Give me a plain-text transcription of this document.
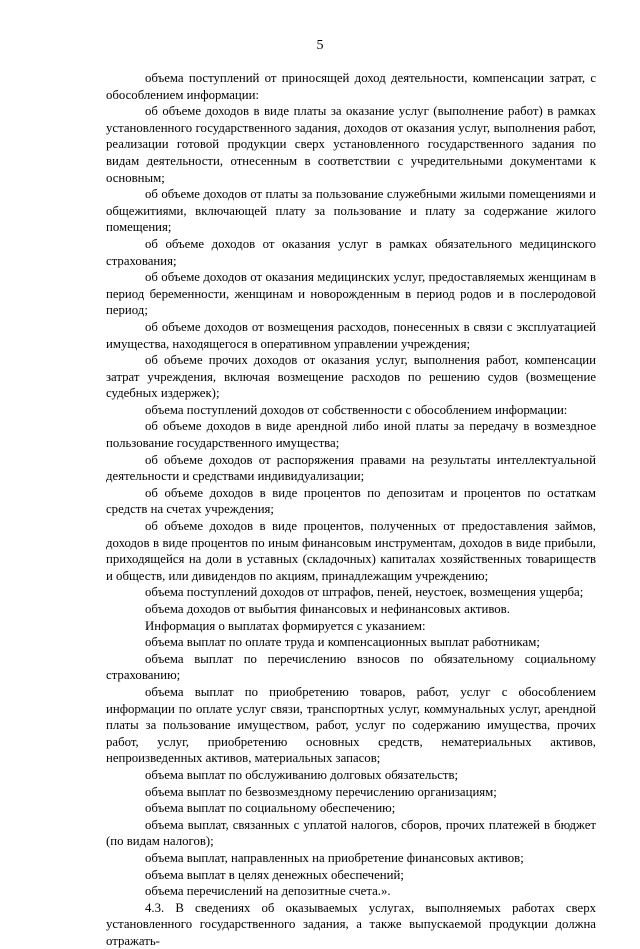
5

объема поступлений от приносящей доход деятельности, компенсации затрат, с обособлением информации:

об объеме доходов в виде платы за оказание услуг (выполнение работ) в рамках установленного государственного задания, доходов от оказания услуг, выполнения работ, реализации готовой продукции сверх установленного государственного задания по видам деятельности, отнесенным в соответствии с учредительными документами к основным;

об объеме доходов от платы за пользование служебными жилыми помещениями и общежитиями, включающей плату за пользование и плату за содержание жилого помещения;

об объеме доходов от оказания услуг в рамках обязательного медицинского страхования;

об объеме доходов от оказания медицинских услуг, предоставляемых женщинам в период беременности, женщинам и новорожденным в период родов и в послеродовой период;

об объеме доходов от возмещения расходов, понесенных в связи с эксплуатацией имущества, находящегося в оперативном управлении учреждения;

об объеме прочих доходов от оказания услуг, выполнения работ, компенсации затрат учреждения, включая возмещение расходов по решению судов (возмещение судебных издержек);

объема поступлений доходов от собственности с обособлением информации:

об объеме доходов в виде арендной либо иной платы за передачу в возмездное пользование государственного имущества;

об объеме доходов от распоряжения правами на результаты интеллектуальной деятельности и средствами индивидуализации;

об объеме доходов в виде процентов по депозитам и процентов по остаткам средств на счетах учреждения;

об объеме доходов в виде процентов, полученных от предоставления займов, доходов в виде процентов по иным финансовым инструментам, доходов в виде прибыли, приходящейся на доли в уставных (складочных) капиталах хозяйственных товариществ и обществ, или дивидендов по акциям, принадлежащим учреждению;

объема поступлений доходов от штрафов, пеней, неустоек, возмещения ущерба;

объема доходов от выбытия финансовых и нефинансовых активов.

Информация о выплатах формируется с указанием:

объема выплат по оплате труда и компенсационных выплат работникам;

объема выплат по перечислению взносов по обязательному социальному страхованию;

объема выплат по приобретению товаров, работ, услуг с обособлением информации по оплате услуг связи, транспортных услуг, коммунальных услуг, арендной платы за пользование имуществом, работ, услуг по содержанию имущества, прочих работ, услуг, приобретению основных средств, нематериальных активов, непроизведенных активов, материальных запасов;

объема выплат по обслуживанию долговых обязательств;

объема выплат по безвозмездному перечислению организациям;

объема выплат по социальному обеспечению;

объема выплат, связанных с уплатой налогов, сборов, прочих платежей в бюджет (по видам налогов);

объема выплат, направленных на приобретение финансовых активов;

объема выплат в целях денежных обеспечений;

объема перечислений на депозитные счета.».

4.3. В сведениях об оказываемых услугах, выполняемых работах сверх установленного государственного задания, а также выпускаемой продукции должна отражать-
